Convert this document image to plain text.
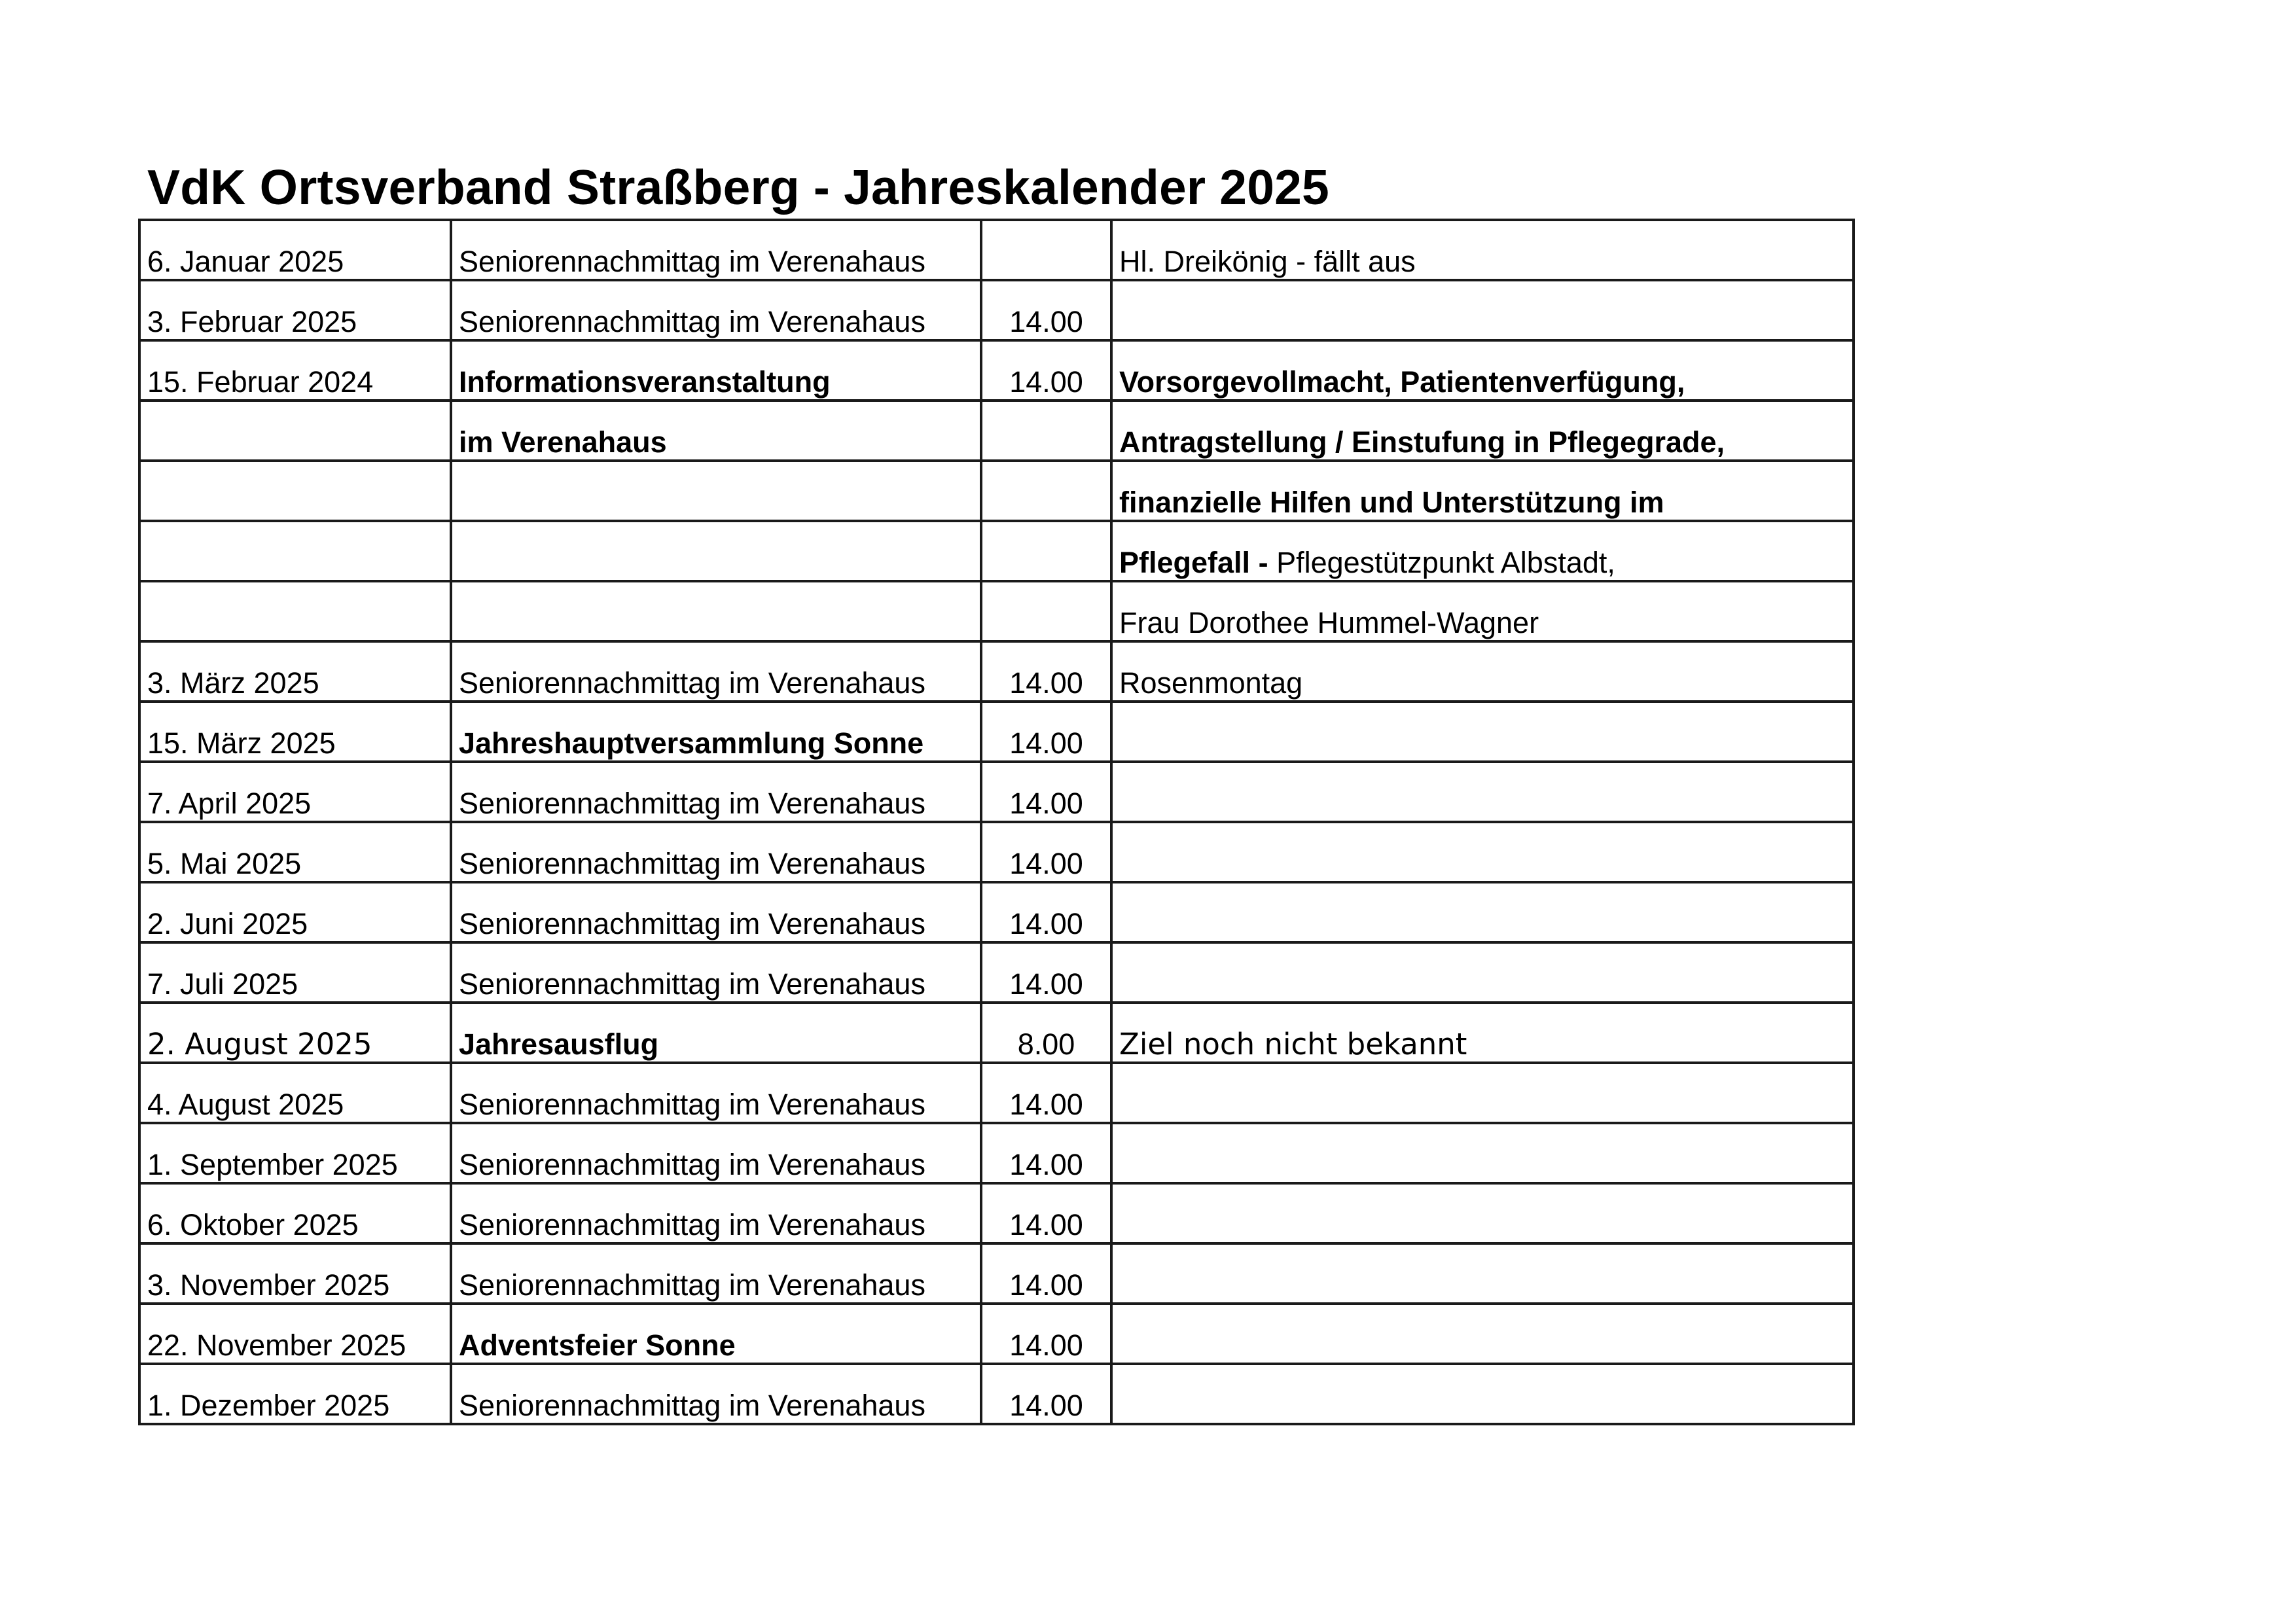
VdK Ortsverband Straßberg - Jahreskalender 2025
6. Januar 2025	Seniorennachmittag im Verenahaus		Hl. Dreikönig - fällt aus
3. Februar 2025	Seniorennachmittag im Verenahaus	14.00	
15. Februar 2024	Informationsveranstaltung	14.00	Vorsorgevollmacht, Patientenverfügung,
	im Verenahaus		Antragstellung / Einstufung in Pflegegrade,
			finanzielle Hilfen und Unterstützung im
			Pflegefall - Pflegestützpunkt Albstadt,
			Frau Dorothee Hummel-Wagner
3. März 2025	Seniorennachmittag im Verenahaus	14.00	Rosenmontag
15. März 2025	Jahreshauptversammlung Sonne	14.00	
7. April 2025	Seniorennachmittag im Verenahaus	14.00	
5. Mai 2025	Seniorennachmittag im Verenahaus	14.00	
2. Juni 2025	Seniorennachmittag im Verenahaus	14.00	
7. Juli 2025	Seniorennachmittag im Verenahaus	14.00	
2. August 2025	Jahresausflug	8.00	Ziel noch nicht bekannt
4. August 2025	Seniorennachmittag im Verenahaus	14.00	
1. September 2025	Seniorennachmittag im Verenahaus	14.00	
6. Oktober 2025	Seniorennachmittag im Verenahaus	14.00	
3. November 2025	Seniorennachmittag im Verenahaus	14.00	
22. November 2025	Adventsfeier Sonne	14.00	
1. Dezember 2025	Seniorennachmittag im Verenahaus	14.00	
